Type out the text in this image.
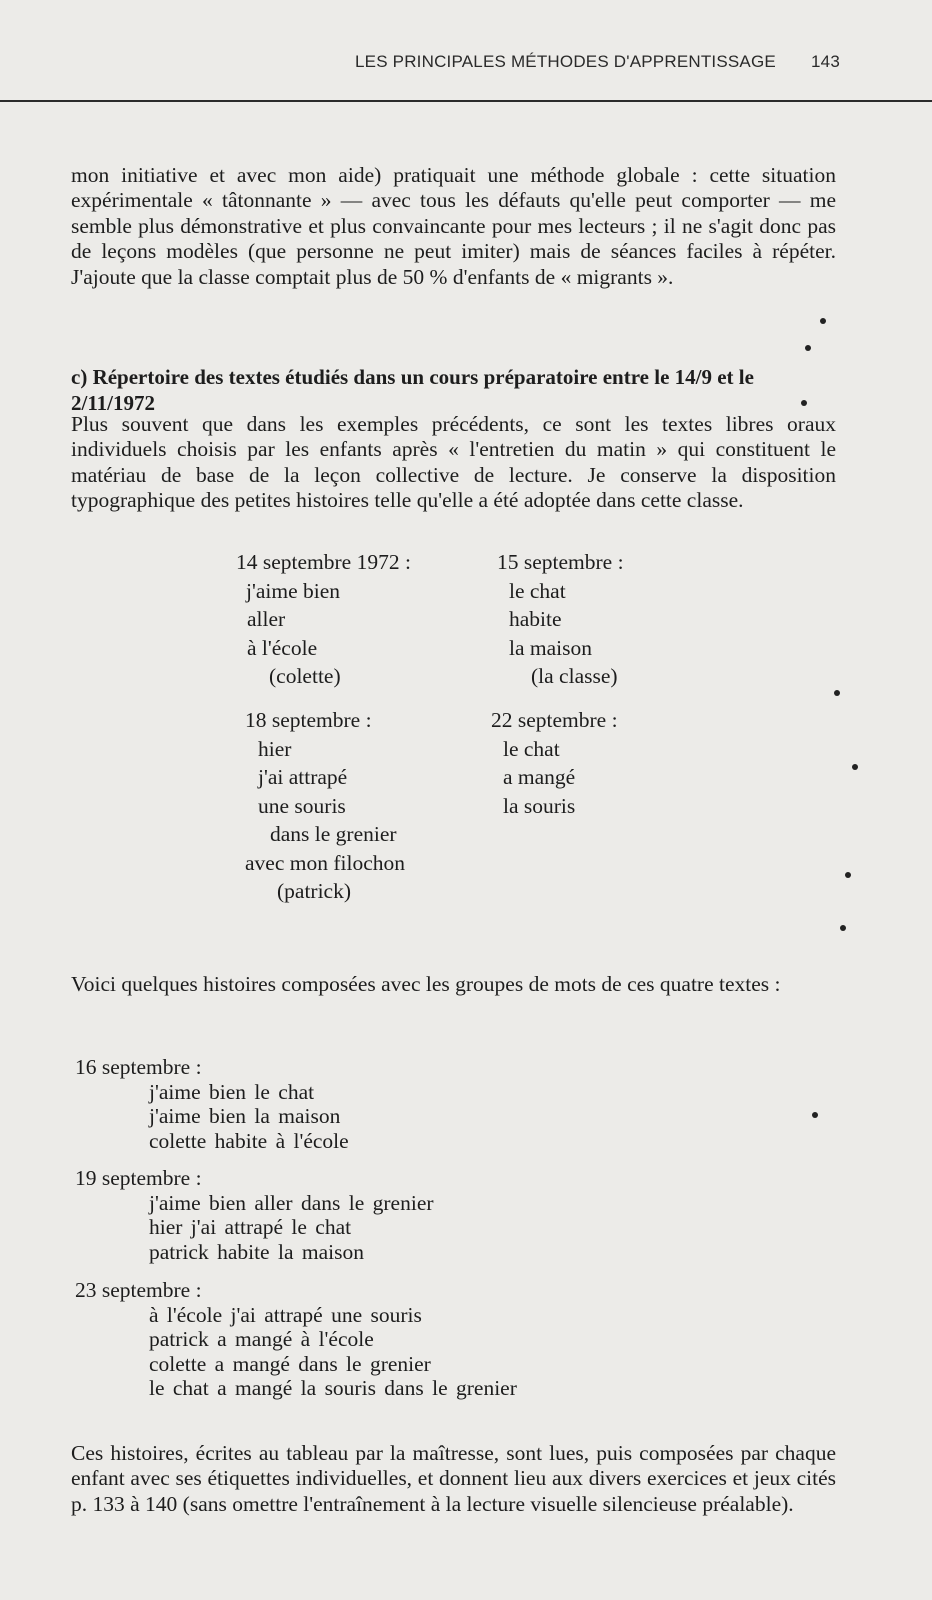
LES PRINCIPALES MÉTHODES D'APPRENTISSAGE 143

mon initiative et avec mon aide) pratiquait une méthode globale : cette situation expérimentale « tâtonnante » — avec tous les défauts qu'elle peut comporter — me semble plus démonstrative et plus convaincante pour mes lecteurs ; il ne s'agit donc pas de leçons modèles (que personne ne peut imiter) mais de séances faciles à répéter. J'ajoute que la classe comptait plus de 50 % d'enfants de « migrants ».

c) Répertoire des textes étudiés dans un cours préparatoire entre le 14/9 et le 2/11/1972

Plus souvent que dans les exemples précédents, ce sont les textes libres oraux individuels choisis par les enfants après « l'entretien du matin » qui constituent le matériau de base de la leçon collective de lecture. Je conserve la disposition typographique des petites histoires telle qu'elle a été adoptée dans cette classe.

14 septembre 1972 :
j'aime bien
aller
à l'école
(colette)
15 septembre :
le chat
habite
la maison
(la classe)
18 septembre :
hier
j'ai attrapé
une souris
dans le grenier
avec mon filochon
(patrick)
22 septembre :
le chat
a mangé
la souris

Voici quelques histoires composées avec les groupes de mots de ces quatre textes :

16 septembre :
j'aime bien le chat
j'aime bien la maison
colette habite à l'école
19 septembre :
j'aime bien aller dans le grenier
hier j'ai attrapé le chat
patrick habite la maison
23 septembre :
à l'école j'ai attrapé une souris
patrick a mangé à l'école
colette a mangé dans le grenier
le chat a mangé la souris dans le grenier

Ces histoires, écrites au tableau par la maîtresse, sont lues, puis composées par chaque enfant avec ses étiquettes individuelles, et donnent lieu aux divers exercices et jeux cités p. 133 à 140 (sans omettre l'entraînement à la lecture visuelle silencieuse préalable).
